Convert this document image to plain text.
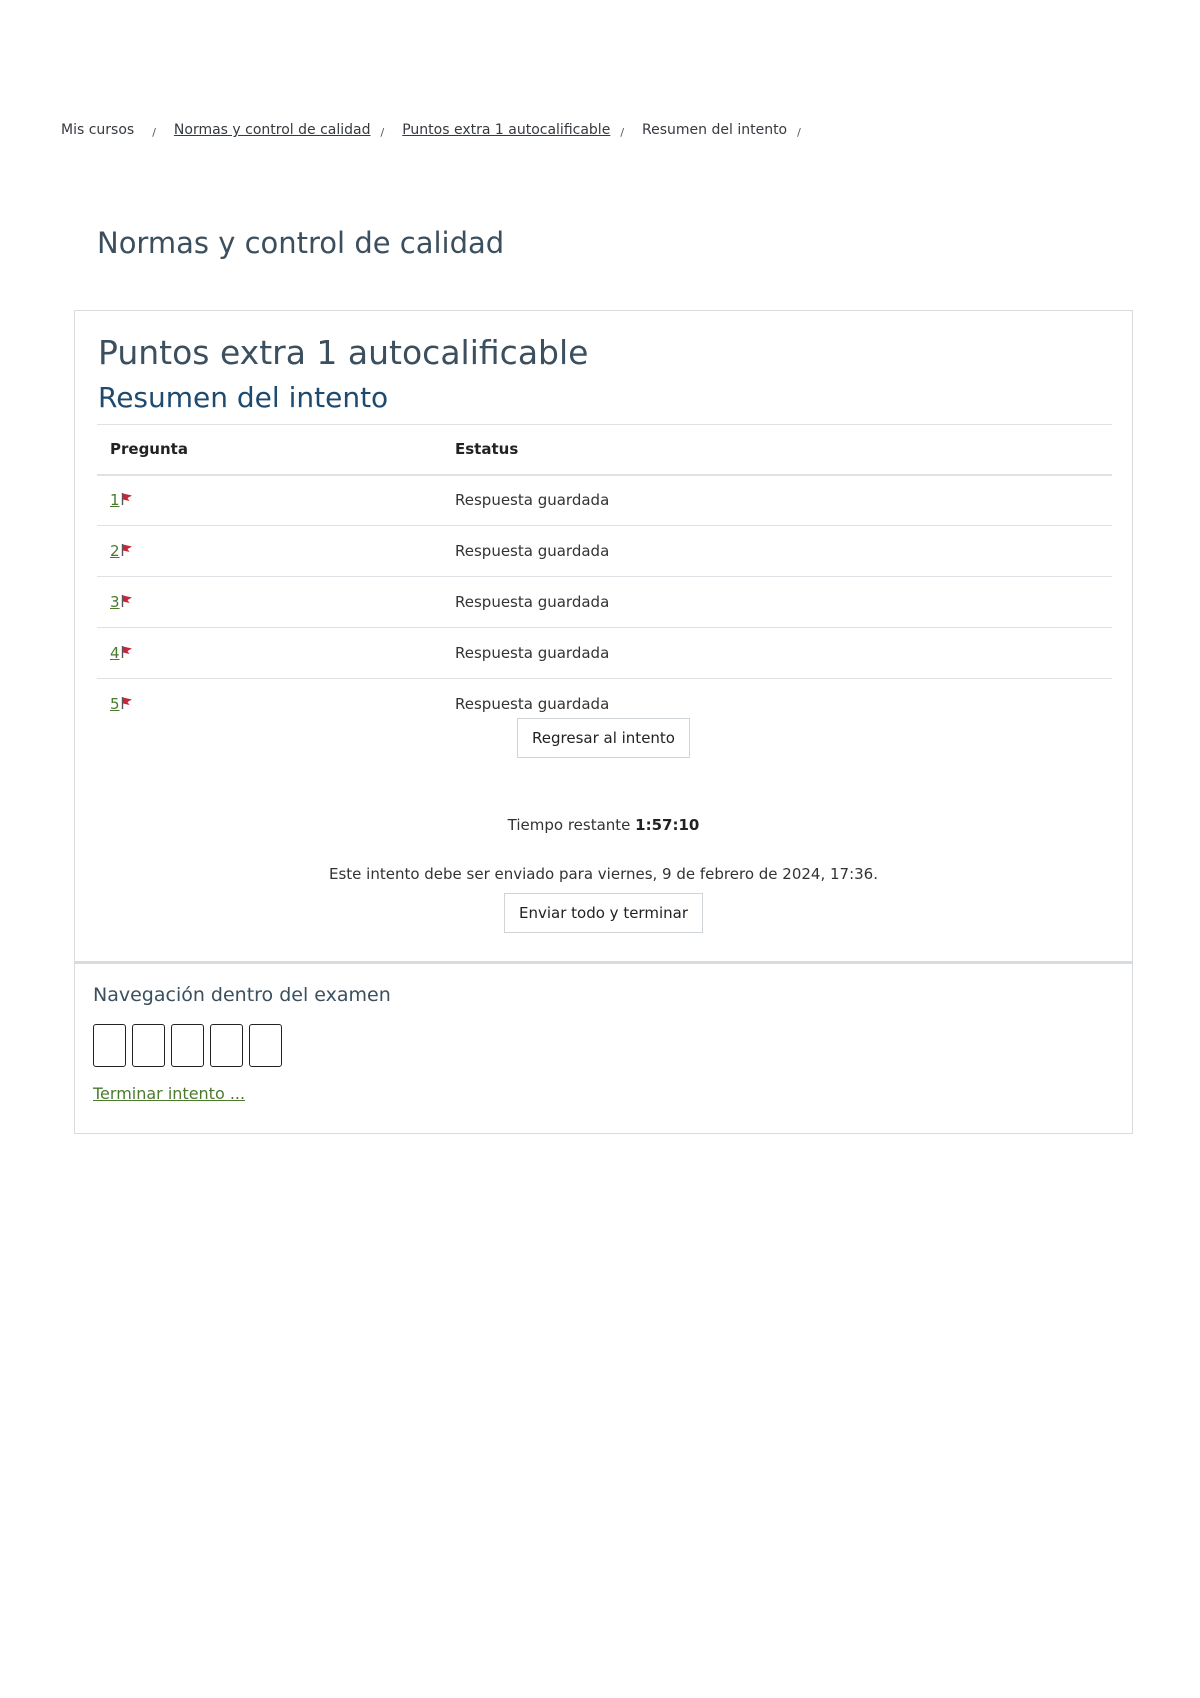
Mis cursos / Normas y control de calidad / Puntos extra 1 autocalificable / Resumen del intento /
Normas y control de calidad
Puntos extra 1 autocalificable
Resumen del intento
Pregunta	Estatus
1	Respuesta guardada
2	Respuesta guardada
3	Respuesta guardada
4	Respuesta guardada
5	Respuesta guardada
Regresar al intento
Tiempo restante 1:57:10
Este intento debe ser enviado para viernes, 9 de febrero de 2024, 17:36.
Enviar todo y terminar
Navegación dentro del examen
Terminar intento ...
